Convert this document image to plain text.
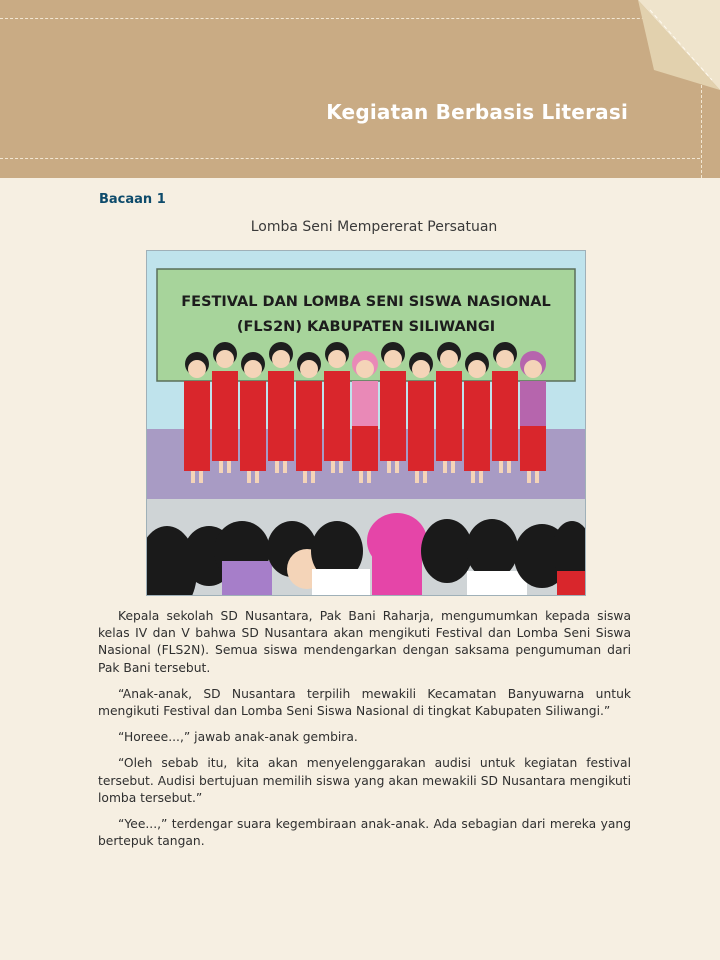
Kegiatan Berbasis Literasi
Bacaan 1
Lomba Seni Mempererat Persatuan
FESTIVAL DAN LOMBA SENI SISWA NASIONAL
(FLS2N) KABUPATEN SILIWANGI

Kepala sekolah SD Nusantara, Pak Bani Raharja, mengumumkan kepada siswa kelas IV dan V bahwa SD Nusantara akan mengikuti Festival dan Lomba Seni Siswa Nasional (FLS2N). Semua siswa mendengarkan dengan saksama pengumuman dari Pak Bani tersebut.

“Anak-anak, SD Nusantara terpilih mewakili Kecamatan Banyuwarna untuk mengikuti Festival dan Lomba Seni Siswa Nasional di tingkat Kabupaten Siliwangi.”

“Horeee...,” jawab anak-anak gembira.

“Oleh sebab itu, kita akan menyelenggarakan audisi untuk kegiatan festival tersebut. Audisi bertujuan memilih siswa yang akan mewakili SD Nusantara mengikuti lomba tersebut.”

“Yee...,” terdengar suara kegembiraan anak-anak. Ada sebagian dari mereka yang bertepuk tangan.
